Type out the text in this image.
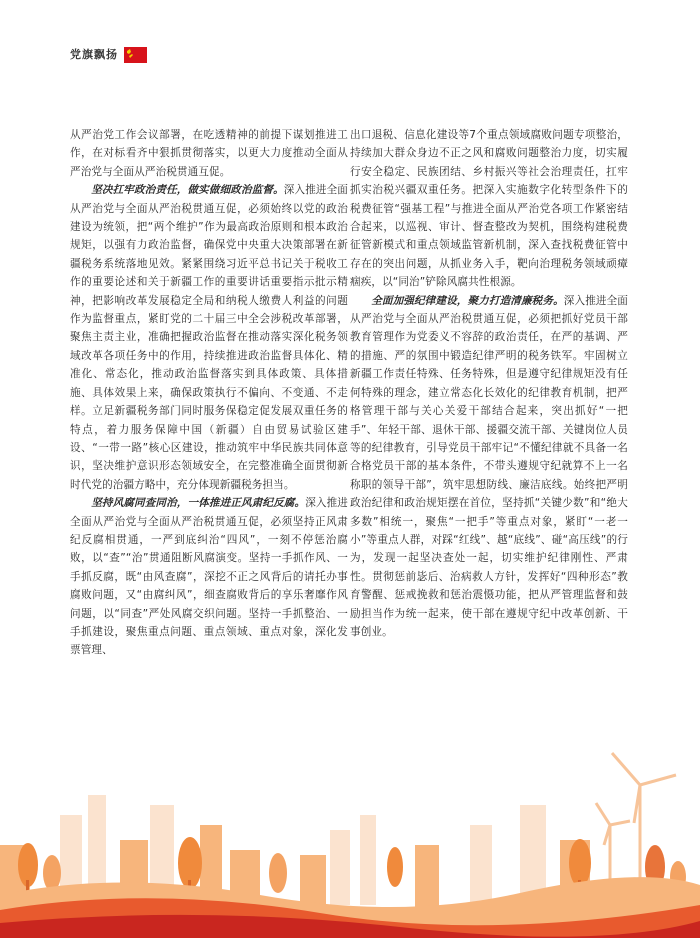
党旗飘扬

从严治党工作会议部署，在吃透精神的前提下谋划推进工作，在对标看齐中狠抓贯彻落实，以更大力度推动全面从严治党与全面从严治税贯通互促。

坚决扛牢政治责任，做实做细政治监督。深入推进全面从严治党与全面从严治税贯通互促，必须始终以党的政治建设为统领，把“两个维护”作为最高政治原则和根本政治规矩，以强有力政治监督，确保党中央重大决策部署在新疆税务系统落地见效。紧紧围绕习近平总书记关于税收工作的重要论述和关于新疆工作的重要讲话重要指示批示精神，把影响改革发展稳定全局和纳税人缴费人利益的问题作为监督重点，紧盯党的二十届三中全会涉税改革部署，聚焦主责主业，准确把握政治监督在推动落实深化税务领域改革各项任务中的作用，持续推进政治监督具体化、精准化、常态化，推动政治监督落实到具体政策、具体措施、具体效果上来，确保政策执行不偏向、不变通、不走样。立足新疆税务部门同时服务保稳定促发展双重任务的特点，着力服务保障中国（新疆）自由贸易试验区建设、“一带一路”核心区建设，推动筑牢中华民族共同体意识，坚决维护意识形态领域安全，在完整准确全面贯彻新时代党的治疆方略中，充分体现新疆税务担当。

坚持风腐同查同治，一体推进正风肃纪反腐。深入推进全面从严治党与全面从严治税贯通互促，必须坚持正风肃纪反腐相贯通，一严到底纠治“四风”，一刻不停惩治腐败，以“查”“治”贯通阻断风腐演变。坚持一手抓作风、一手抓反腐，既“由风查腐”，深挖不正之风背后的请托办事腐败问题，又“由腐纠风”，细查腐败背后的享乐奢靡作风问题，以“同查”严处风腐交织问题。坚持一手抓整治、一手抓建设，聚焦重点问题、重点领域、重点对象，深化发票管理、

出口退税、信息化建设等7个重点领域腐败问题专项整治，持续加大群众身边不正之风和腐败问题整治力度，切实履行安全稳定、民族团结、乡村振兴等社会治理责任，扛牢抓实治税兴疆双重任务。把深入实施数字化转型条件下的税费征管“强基工程”与推进全面从严治党各项工作紧密结合起来，以巡视、审计、督查整改为契机，围绕构建税费征管新模式和重点领域监管新机制，深入查找税费征管中存在的突出问题，从抓业务入手，靶向治理税务领域顽瘴痼疾，以“同治”铲除风腐共性根源。

全面加强纪律建设，聚力打造清廉税务。深入推进全面从严治党与全面从严治税贯通互促，必须把抓好党员干部教育管理作为党委义不容辞的政治责任，在严的基调、严的措施、严的氛围中锻造纪律严明的税务铁军。牢固树立新疆工作责任特殊、任务特殊，但是遵守纪律规矩没有任何特殊的理念，建立常态化长效化的纪律教育机制，把严格管理干部与关心关爱干部结合起来，突出抓好“一把手”、年轻干部、退休干部、援疆交流干部、关键岗位人员等的纪律教育，引导党员干部牢记“不懂纪律就不具备一名合格党员干部的基本条件，不带头遵规守纪就算不上一名称职的领导干部”，筑牢思想防线、廉洁底线。始终把严明政治纪律和政治规矩摆在首位，坚持抓“关键少数”和“绝大多数”相统一，聚焦“一把手”等重点对象，紧盯“一老一小”等重点人群，对踩“红线”、越“底线”、碰“高压线”的行为，发现一起坚决查处一起，切实维护纪律刚性、严肃性。贯彻惩前毖后、治病救人方针，发挥好“四种形态”教育警醒、惩戒挽救和惩治震慑功能，把从严管理监督和鼓励担当作为统一起来，使干部在遵规守纪中改革创新、干事创业。
